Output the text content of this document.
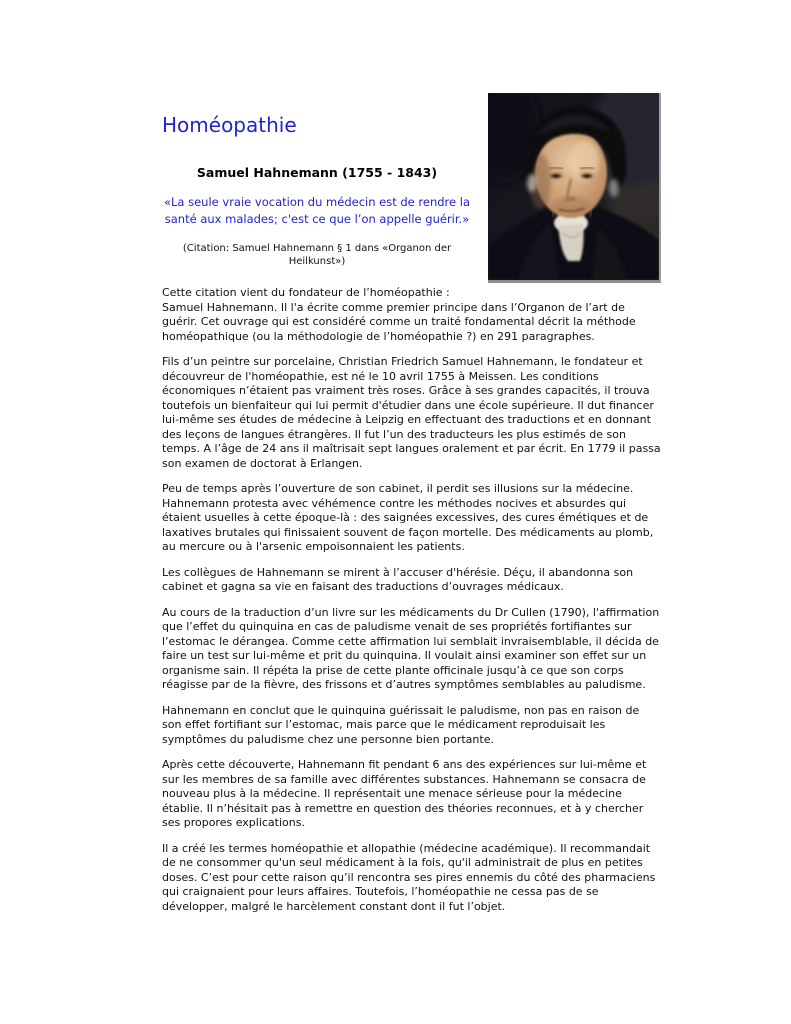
Homéopathie
Samuel Hahnemann (1755 - 1843)
«La seule vraie vocation du médecin est de rendre la santé aux malades; c'est ce que l’on appelle guérir.»
(Citation: Samuel Hahnemann § 1 dans «Organon der Heilkunst»)

Cette citation vient du fondateur de l’homéopathie : Samuel Hahnemann. Il l'a écrite comme premier principe dans l’Organon de l’art de guérir. Cet ouvrage qui est considéré comme un traité fondamental décrit la méthode homéopathique (ou la méthodologie de l’homéopathie ?) en 291 paragraphes.

Fils d’un peintre sur porcelaine, Christian Friedrich Samuel Hahnemann, le fondateur et découvreur de l'homéopathie, est né le 10 avril 1755 à Meissen. Les conditions économiques n’étaient pas vraiment très roses. Grâce à ses grandes capacités, il trouva toutefois un bienfaiteur qui lui permit d'étudier dans une école supérieure. Il dut financer lui-même ses études de médecine à Leipzig en effectuant des traductions et en donnant des leçons de langues étrangères. Il fut l’un des traducteurs les plus estimés de son temps. A l’âge de 24 ans il maîtrisait sept langues oralement et par écrit. En 1779 il passa son examen de doctorat à Erlangen.

Peu de temps après l’ouverture de son cabinet, il perdit ses illusions sur la médecine. Hahnemann protesta avec véhémence contre les méthodes nocives et absurdes qui étaient usuelles à cette époque-là : des saignées excessives, des cures émétiques et de laxatives brutales qui finissaient souvent de façon mortelle. Des médicaments au plomb, au mercure ou à l'arsenic empoisonnaient les patients.

Les collègues de Hahnemann se mirent à l’accuser d'hérésie. Déçu, il abandonna son cabinet et gagna sa vie en faisant des traductions d’ouvrages médicaux.

Au cours de la traduction d’un livre sur les médicaments du Dr Cullen (1790), l'affirmation que l’effet du quinquina en cas de paludisme venait de ses propriétés fortifiantes sur l’estomac le dérangea. Comme cette affirmation lui semblait invraisemblable, il décida de faire un test sur lui-même et prit du quinquina. Il voulait ainsi examiner son effet sur un organisme sain. Il répéta la prise de cette plante officinale jusqu’à ce que son corps réagisse par de la fièvre, des frissons et d’autres symptômes semblables au paludisme.

Hahnemann en conclut que le quinquina guérissait le paludisme, non pas en raison de son effet fortifiant sur l’estomac, mais parce que le médicament reproduisait les symptômes du paludisme chez une personne bien portante.

Après cette découverte, Hahnemann fit pendant 6 ans des expériences sur lui-même et sur les membres de sa famille avec différentes substances. Hahnemann se consacra de nouveau plus à la médecine. Il représentait une menace sérieuse pour la médecine établie. Il n’hésitait pas à remettre en question des théories reconnues, et à y chercher ses propores explications.

Il a créé les termes homéopathie et allopathie (médecine académique). Il recommandait de ne consommer qu'un seul médicament à la fois, qu'il administrait de plus en petites doses. C’est pour cette raison qu’il rencontra ses pires ennemis du côté des pharmaciens qui craignaient pour leurs affaires. Toutefois, l’homéopathie ne cessa pas de se développer, malgré le harcèlement constant dont il fut l’objet.
